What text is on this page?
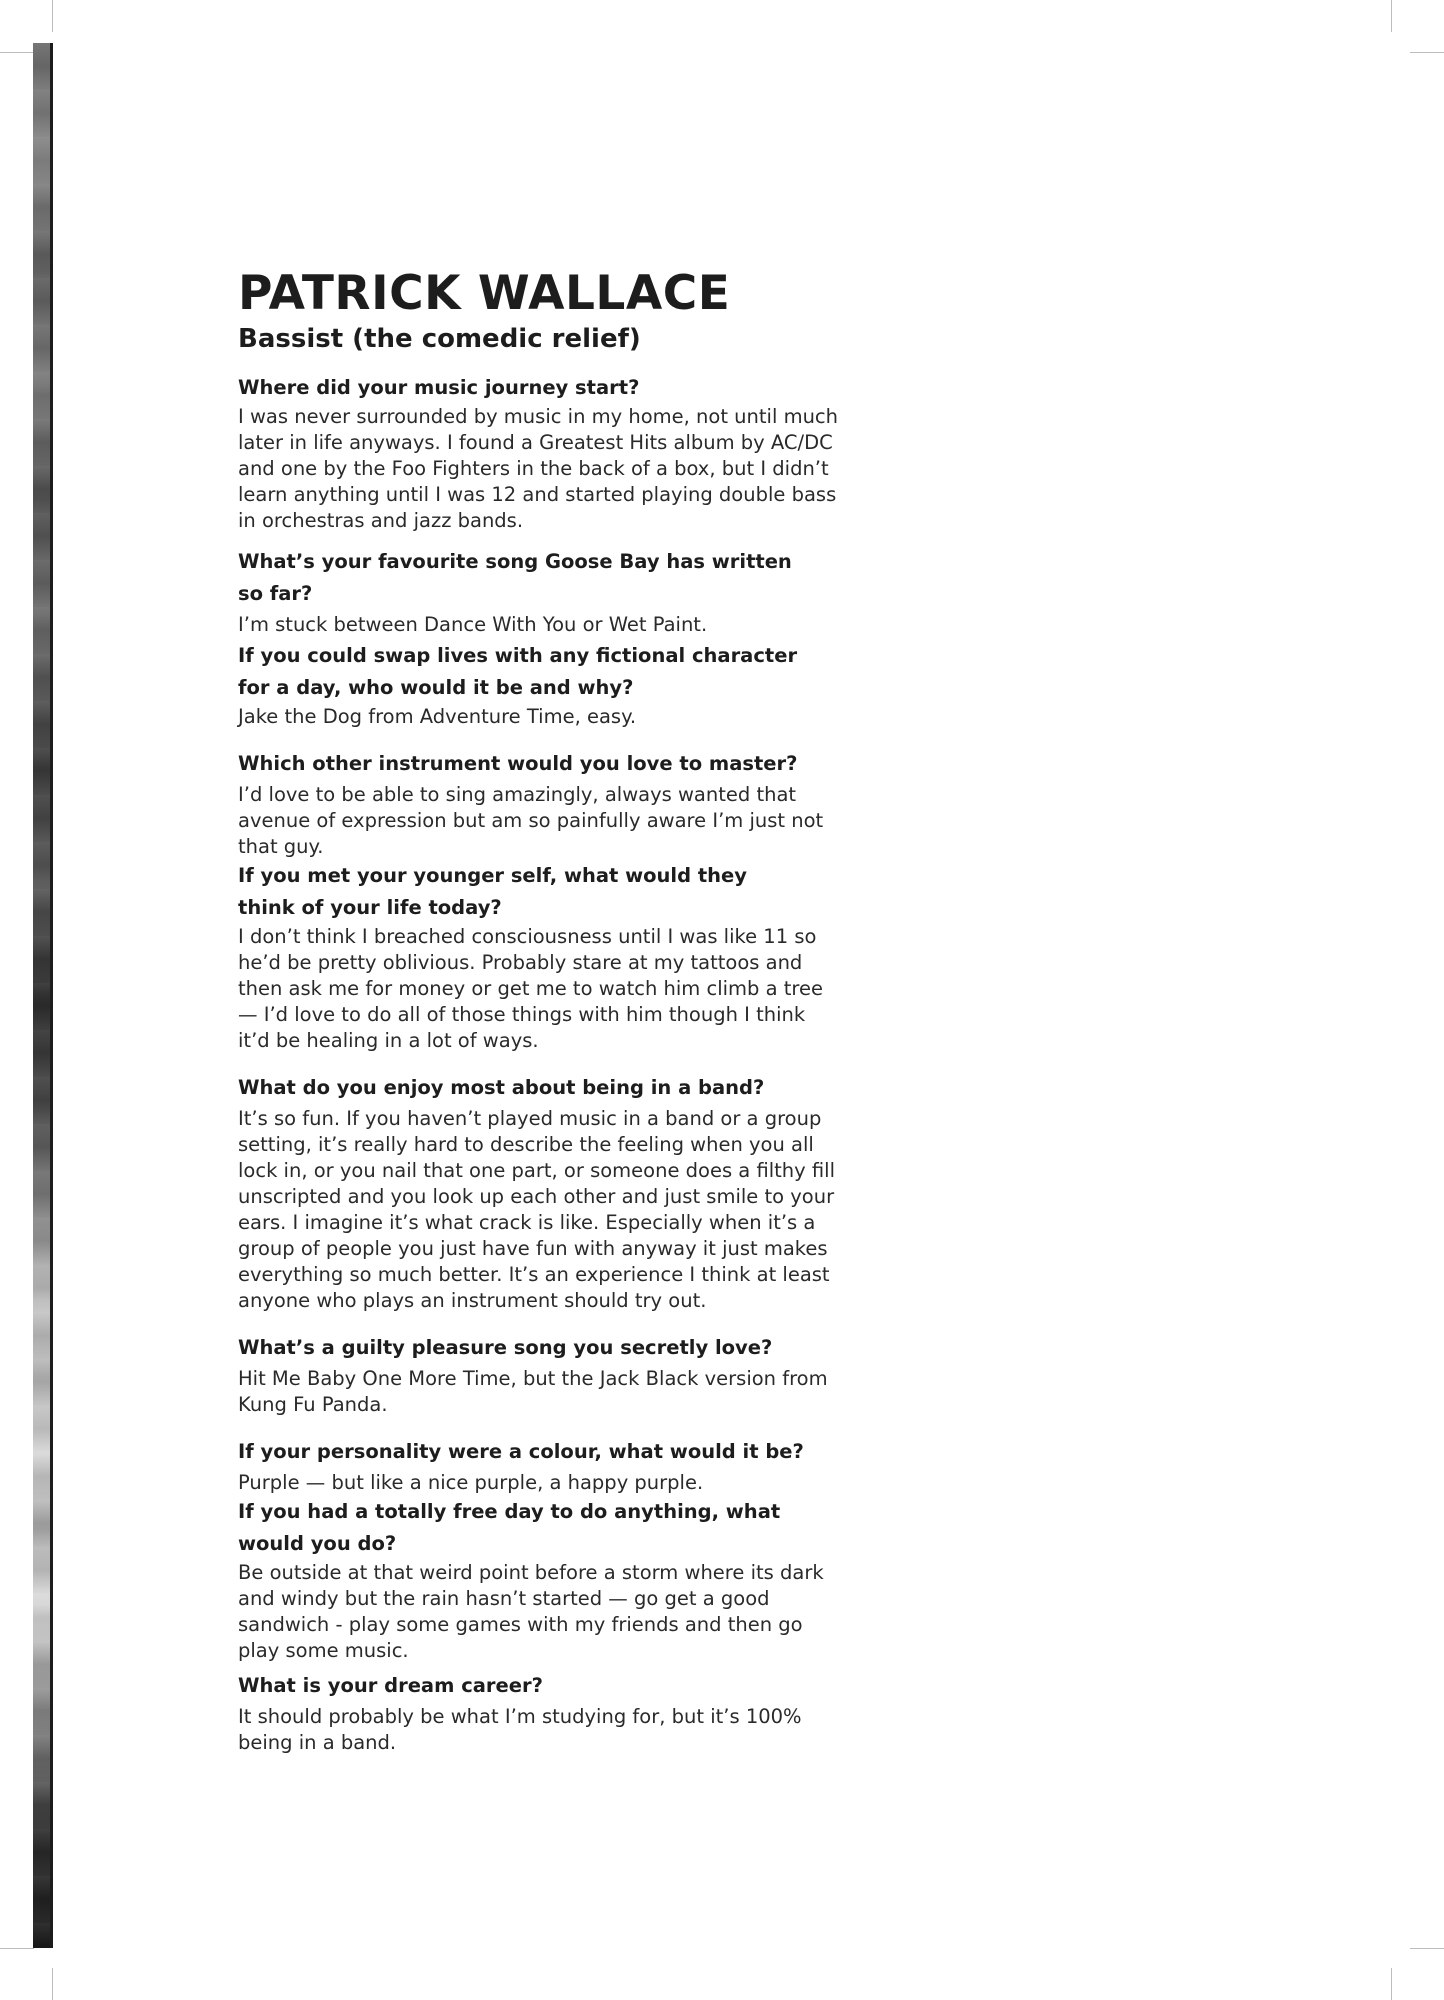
PATRICK WALLACE
Bassist (the comedic relief)

Where did your music journey start?

I was never surrounded by music in my home, not until much later in life anyways. I found a Greatest Hits album by AC/DC and one by the Foo Fighters in the back of a box, but I didn’t learn anything until I was 12 and started playing double bass in orchestras and jazz bands.

What’s your favourite song Goose Bay has written so far?

I’m stuck between Dance With You or Wet Paint.

If you could swap lives with any fictional character for a day, who would it be and why?

Jake the Dog from Adventure Time, easy.

Which other instrument would you love to master?

I’d love to be able to sing amazingly, always wanted that avenue of expression but am so painfully aware I’m just not that guy.

If you met your younger self, what would they think of your life today?

I don’t think I breached consciousness until I was like 11 so he’d be pretty oblivious. Probably stare at my tattoos and then ask me for money or get me to watch him climb a tree — I’d love to do all of those things with him though I think it’d be healing in a lot of ways.

What do you enjoy most about being in a band?

It’s so fun. If you haven’t played music in a band or a group setting, it’s really hard to describe the feeling when you all lock in, or you nail that one part, or someone does a filthy fill unscripted and you look up each other and just smile to your ears. I imagine it’s what crack is like. Especially when it’s a group of people you just have fun with anyway it just makes everything so much better. It’s an experience I think at least anyone who plays an instrument should try out.

What’s a guilty pleasure song you secretly love?

Hit Me Baby One More Time, but the Jack Black version from Kung Fu Panda.

If your personality were a colour, what would it be?

Purple — but like a nice purple, a happy purple.

If you had a totally free day to do anything, what would you do?

Be outside at that weird point before a storm where its dark and windy but the rain hasn’t started — go get a good sandwich - play some games with my friends and then go play some music.

What is your dream career?

It should probably be what I’m studying for, but it’s 100% being in a band.
